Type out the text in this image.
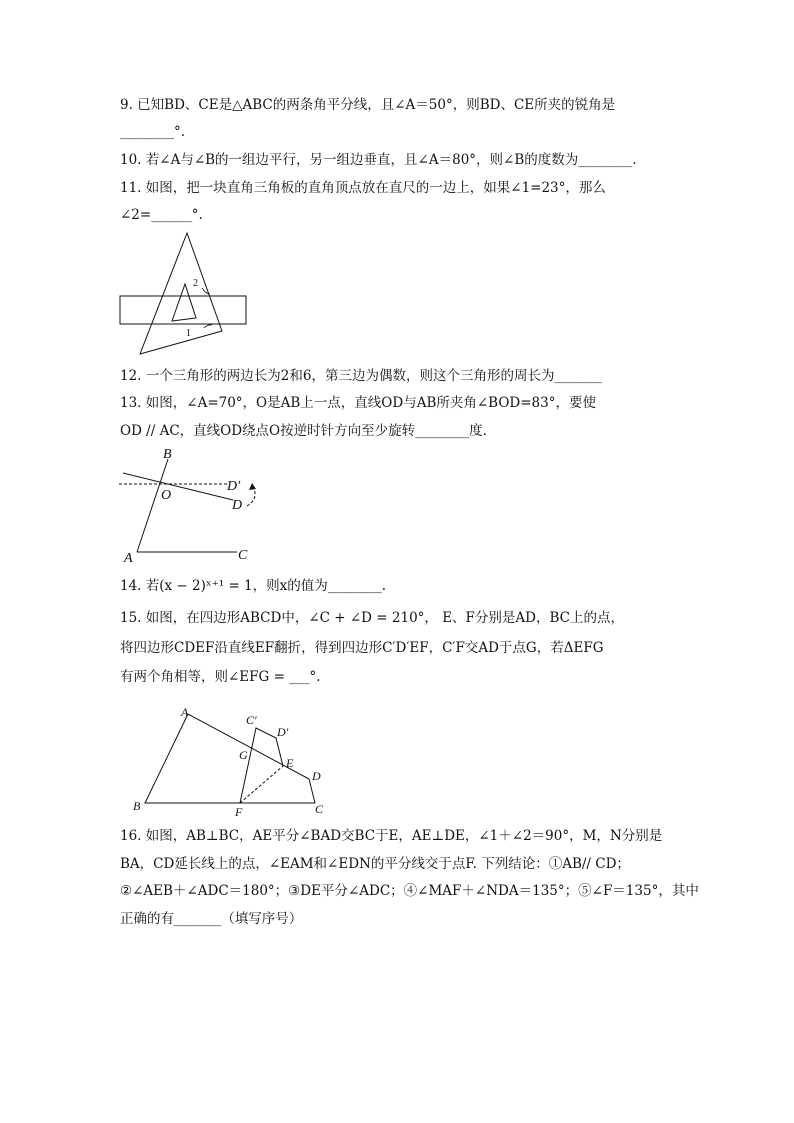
9. 已知BD、CE是△ABC的两条角平分线，且∠A＝50°，则BD、CE所夹的锐角是
________°.
10. 若∠A与∠B的一组边平行，另一组边垂直，且∠A＝80°，则∠B的度数为________.
11. 如图，把一块直角三角板的直角顶点放在直尺的一边上，如果∠1=23°，那么
∠2=______°.
2
1
12. 一个三角形的两边长为2和6，第三边为偶数，则这个三角形的周长为_______
13. 如图，∠A=70°，O是AB上一点，直线OD与AB所夹角∠BOD=83°，要使
OD // AC，直线OD绕点O按逆时针方向至少旋转________度.
B
O
D′
D
A	C
14. 若(x − 2)ˣ⁺¹ = 1，则x的值为________.
15. 如图，在四边形ABCD中，∠C + ∠D = 210°， E、F分别是AD，BC上的点，
将四边形CDEF沿直线EF翻折，得到四边形C′D′EF，C′F交AD于点G，若ΔEFG
有两个角相等，则∠EFG = ___°.
A
C′
D′
G
E
D
B	F	C
16. 如图，AB⊥BC，AE平分∠BAD交BC于E，AE⊥DE，∠1＋∠2＝90°，M，N分别是
BA，CD延长线上的点，∠EAM和∠EDN的平分线交于点F. 下列结论：①AB// CD；
②∠AEB＋∠ADC＝180°；③DE平分∠ADC；④∠MAF＋∠NDA＝135°；⑤∠F＝135°，其中
正确的有_______（填写序号）
